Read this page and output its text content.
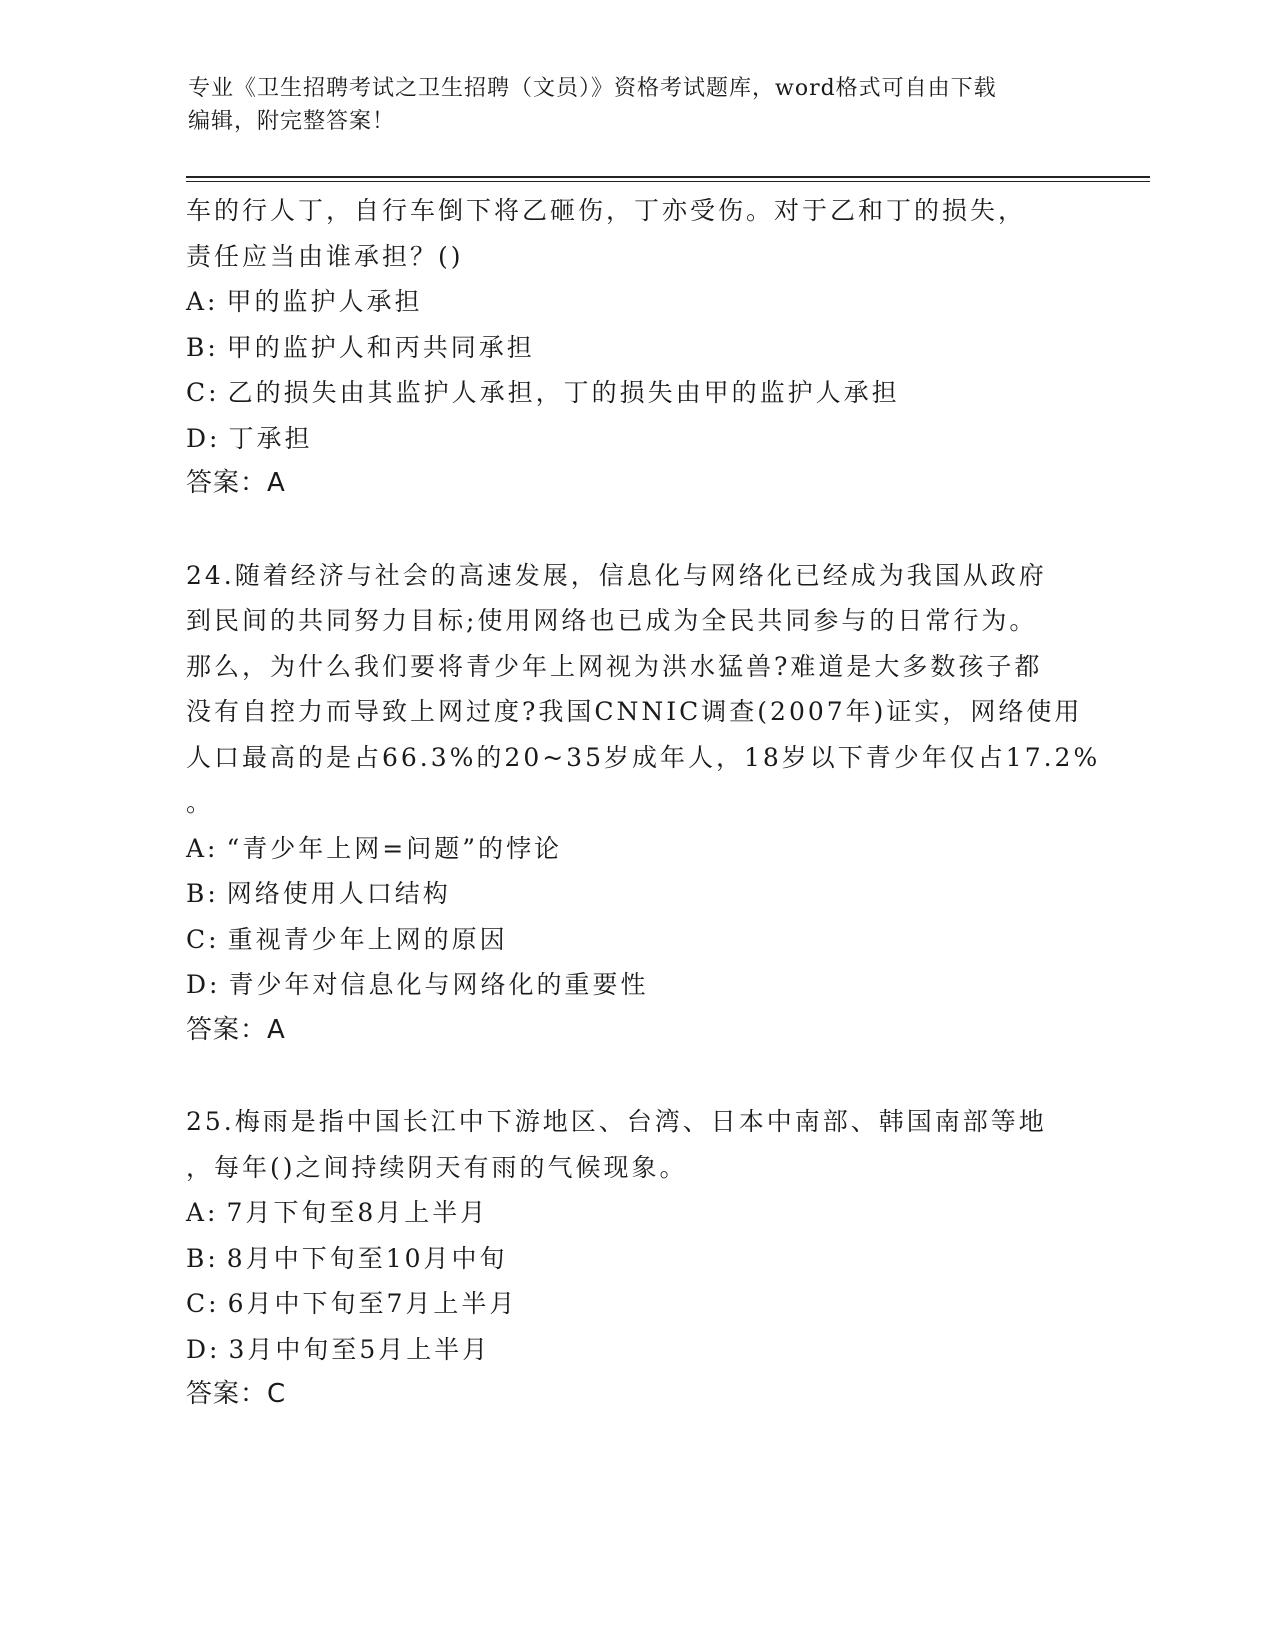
专业《卫生招聘考试之卫生招聘（文员）》资格考试题库，word格式可自由下载
编辑，附完整答案！
车的行人丁，自行车倒下将乙砸伤，丁亦受伤。对于乙和丁的损失，
责任应当由谁承担？()
A: 甲的监护人承担
B: 甲的监护人和丙共同承担
C: 乙的损失由其监护人承担，丁的损失由甲的监护人承担
D: 丁承担
答案：A
24.随着经济与社会的高速发展，信息化与网络化已经成为我国从政府
到民间的共同努力目标;使用网络也已成为全民共同参与的日常行为。
那么，为什么我们要将青少年上网视为洪水猛兽?难道是大多数孩子都
没有自控力而导致上网过度?我国CNNIC调查(2007年)证实，网络使用
人口最高的是占66.3%的20~35岁成年人，18岁以下青少年仅占17.2%
。
A: “青少年上网=问题”的悖论
B: 网络使用人口结构
C: 重视青少年上网的原因
D: 青少年对信息化与网络化的重要性
答案：A
25.梅雨是指中国长江中下游地区、台湾、日本中南部、韩国南部等地
，每年()之间持续阴天有雨的气候现象。
A: 7月下旬至8月上半月
B: 8月中下旬至10月中旬
C: 6月中下旬至7月上半月
D: 3月中旬至5月上半月
答案：C
